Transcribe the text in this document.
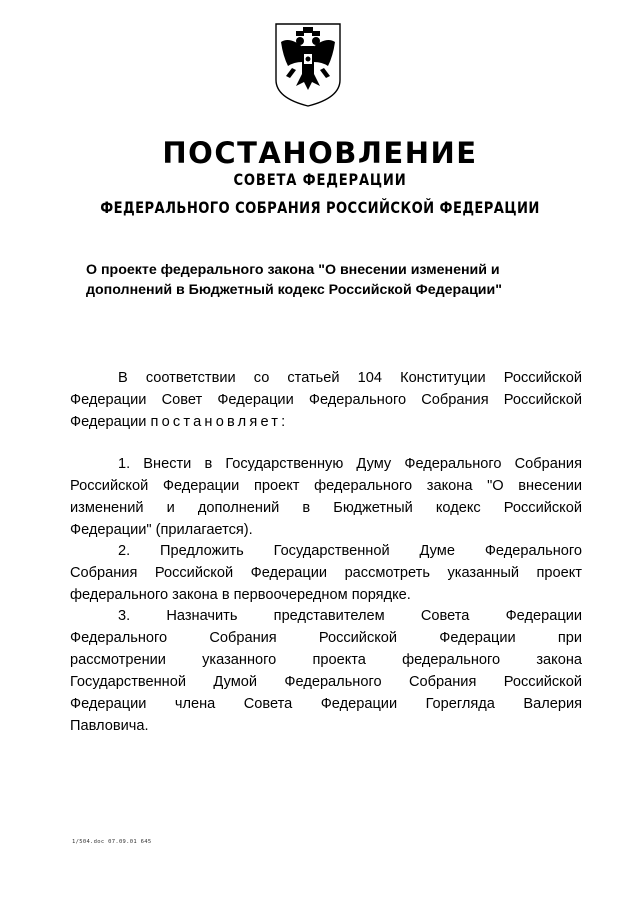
ПОСТАНОВЛЕНИЕ
СОВЕТА ФЕДЕРАЦИИ
ФЕДЕРАЛЬНОГО СОБРАНИЯ РОССИЙСКОЙ ФЕДЕРАЦИИ
О проекте федерального закона "О внесении изменений и
дополнений в Бюджетный кодекс Российской Федерации"
В соответствии со статьей 104 Конституции Российской
Федерации Совет Федерации Федерального Собрания Российской
Федерации постановляет:
1. Внести в Государственную Думу Федерального Собрания
Российской Федерации проект федерального закона "О внесении
изменений и дополнений в Бюджетный кодекс Российской
Федерации" (прилагается).
2. Предложить Государственной Думе Федерального
Собрания Российской Федерации рассмотреть указанный проект
федерального закона в первоочередном порядке.
3. Назначить представителем Совета Федерации
Федерального Собрания Российской Федерации при
рассмотрении указанного проекта федерального закона
Государственной Думой Федерального Собрания Российской
Федерации члена Совета Федерации Горегляда Валерия
Павловича.
1/504.doc 07.09.01 645
